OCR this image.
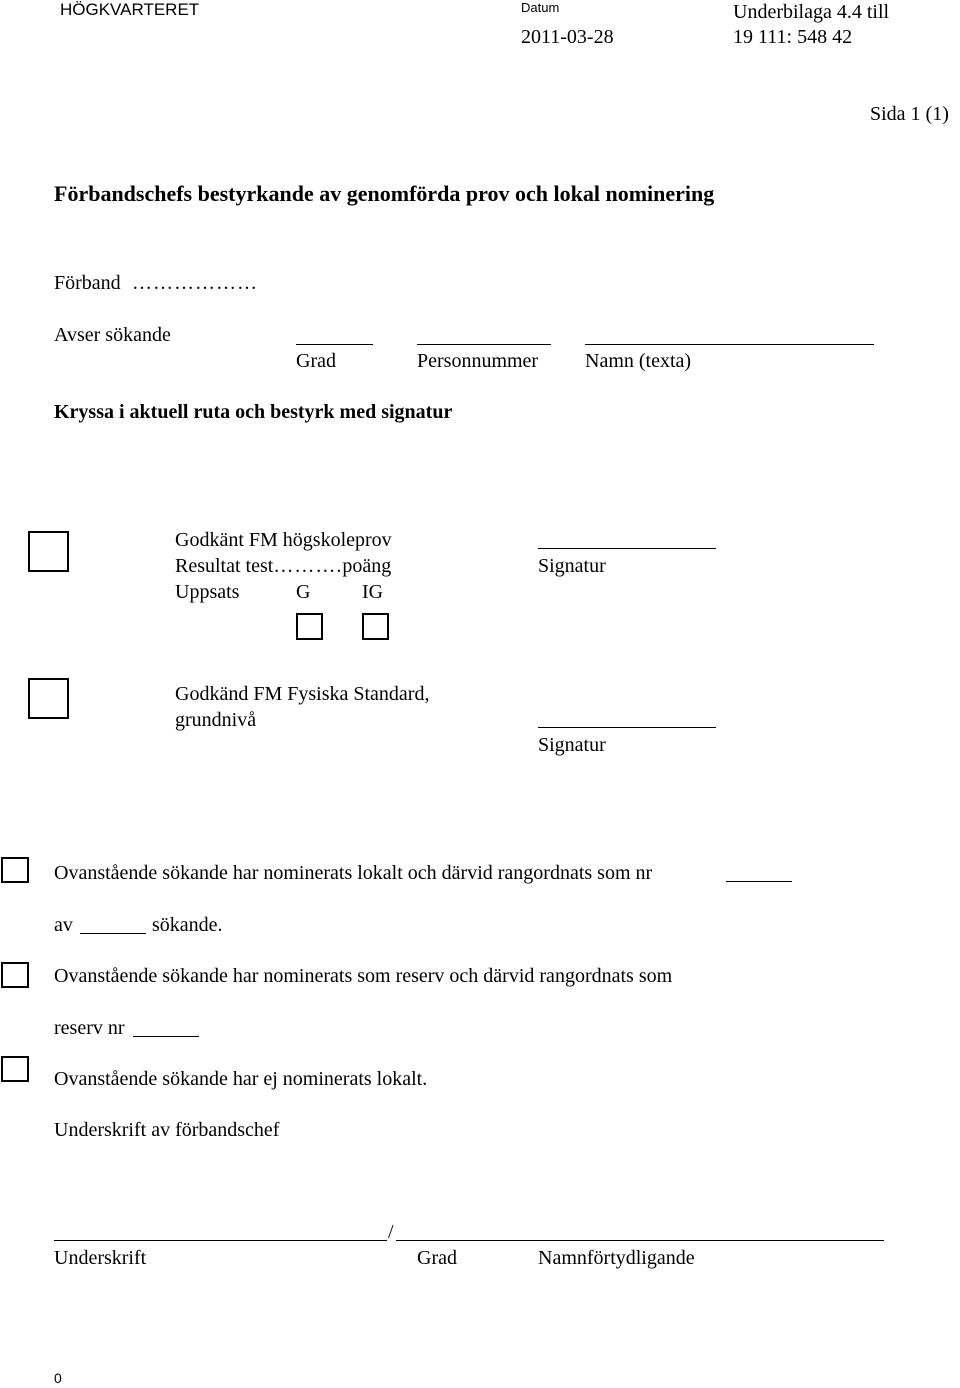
HÖGKVARTERET	Datum
2011-03-28
Underbilaga 4.4 till
19 111: 548 42
Sida 1 (1)
Förbandschefs bestyrkande av genomförda prov och lokal nominering
Förband ………………
Avser sökande
Grad	Personnummer Namn (texta)
Kryssa i aktuell ruta och bestyrk med signatur
Godkänt FM högskoleprov
Resultat test……….poäng
Uppsats	G	IG
Signatur
Godkänd FM Fysiska Standard,
grundnivå
Signatur
Ovanstående sökande har nominerats lokalt och därvid rangordnats som nr
av	sökande.
Ovanstående sökande har nominerats som reserv och därvid rangordnats som
reserv nr
Ovanstående sökande har ej nominerats lokalt.
Underskrift av förbandschef
/
Underskrift	Grad	Namnförtydligande
0
